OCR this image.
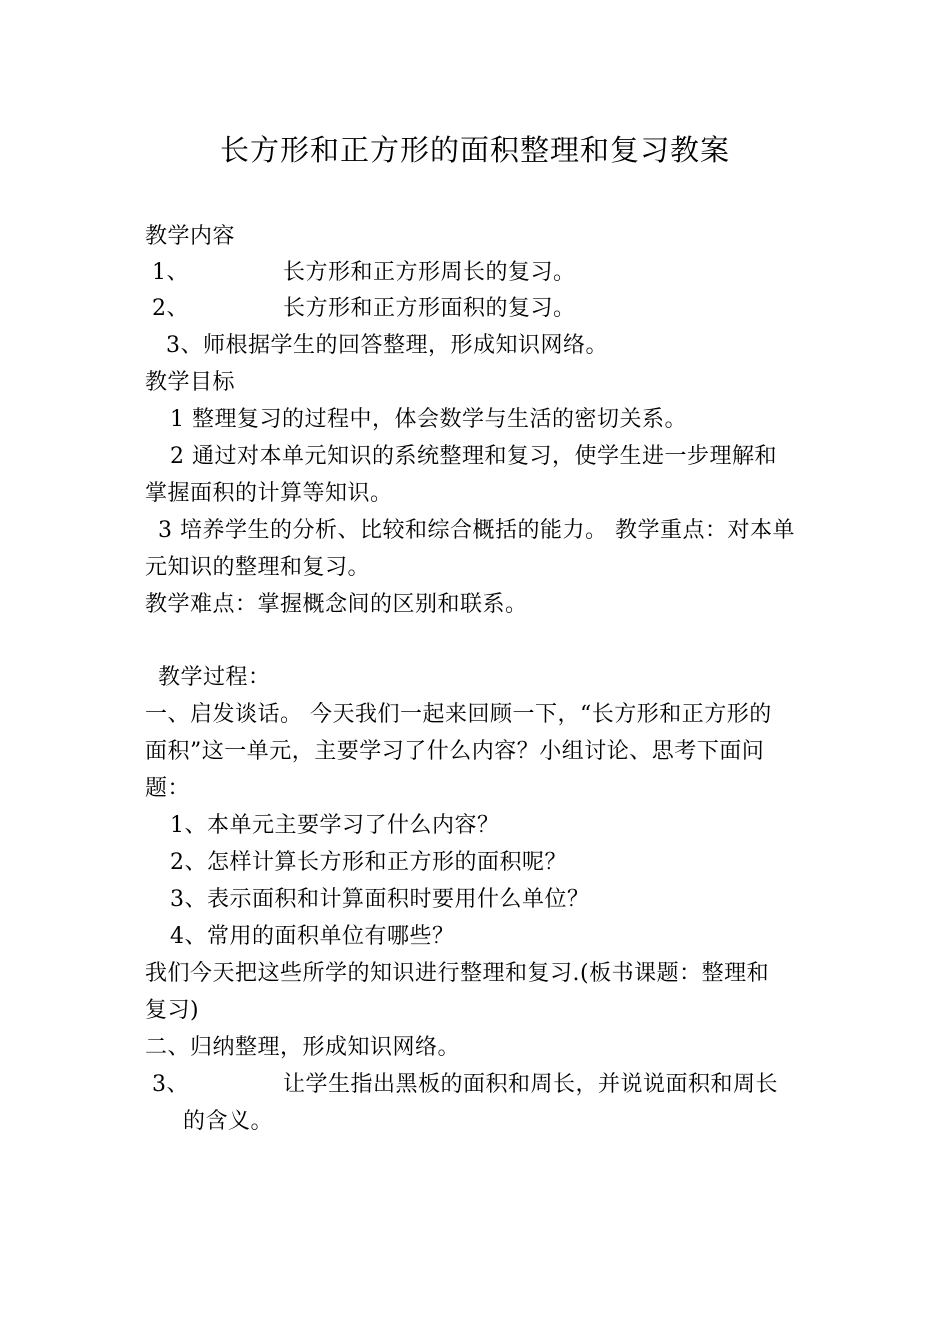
长方形和正方形的面积整理和复习教案
教学内容
1、	长方形和正方形周长的复习。
2、	长方形和正方形面积的复习。
3、师根据学生的回答整理，形成知识网络。
教学目标
1 整理复习的过程中，体会数学与生活的密切关系。
2 通过对本单元知识的系统整理和复习，使学生进一步理解和
掌握面积的计算等知识。
3 培养学生的分析、比较和综合概括的能力。 教学重点：对本单
元知识的整理和复习。
教学难点：掌握概念间的区别和联系。
教学过程：
一、启发谈话。 今天我们一起来回顾一下，“长方形和正方形的
面积”这一单元，主要学习了什么内容？小组讨论、思考下面问
题：
1、本单元主要学习了什么内容？
2、怎样计算长方形和正方形的面积呢？
3、表示面积和计算面积时要用什么单位？
4、常用的面积单位有哪些？
我们今天把这些所学的知识进行整理和复习.(板书课题：整理和
复习)
二、归纳整理，形成知识网络。
3、	让学生指出黑板的面积和周长，并说说面积和周长
的含义。
